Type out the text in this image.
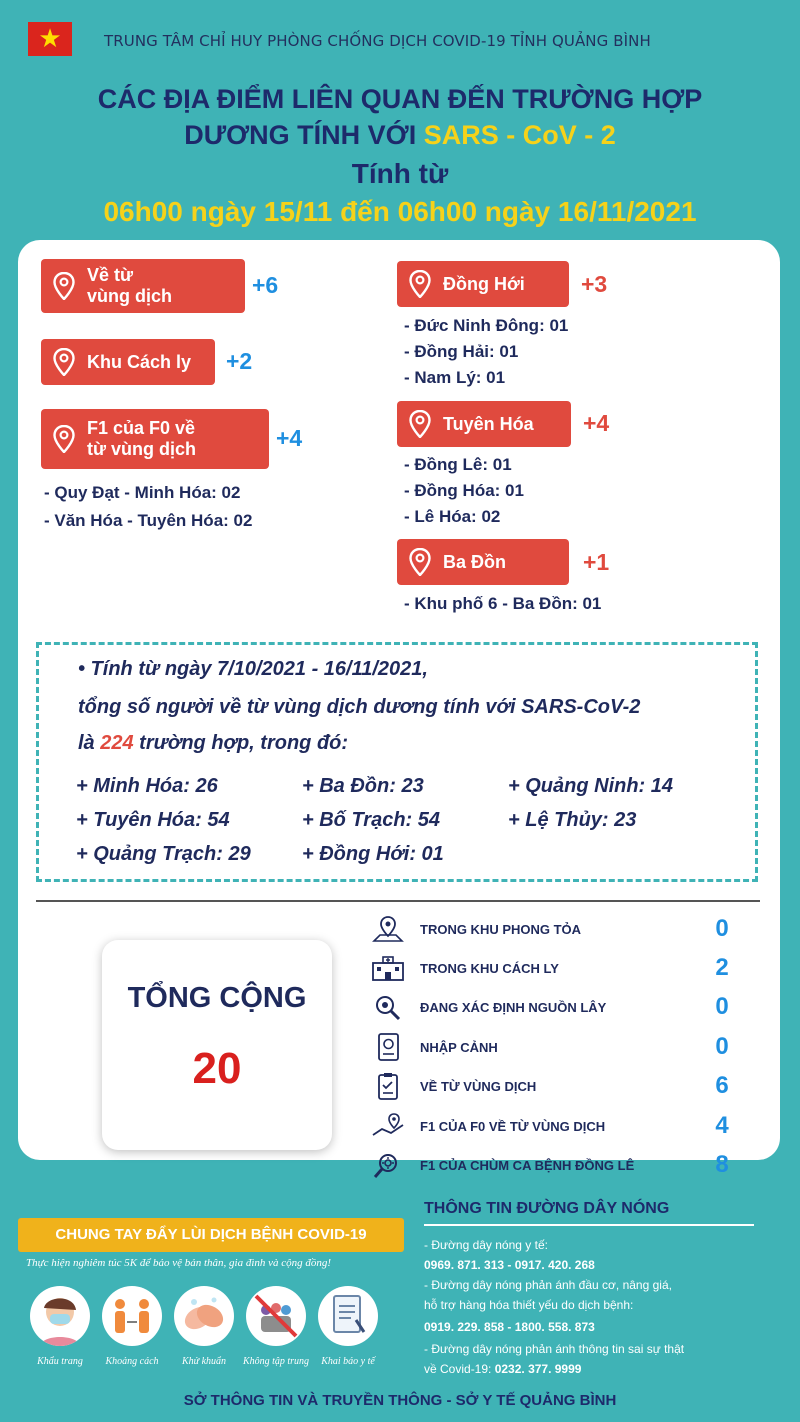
★	TRUNG TÂM CHỈ HUY PHÒNG CHỐNG DỊCH COVID-19 TỈNH QUẢNG BÌNH
CÁC ĐỊA ĐIỂM LIÊN QUAN ĐẾN TRƯỜNG HỢP
DƯƠNG TÍNH VỚI SARS - CoV - 2
Tính từ
06h00 ngày 15/11 đến 06h00 ngày 16/11/2021
Về từ
vùng dịch	+6
Khu Cách ly +2
F1 của F0 về
từ vùng dịch	+4
- Quy Đạt - Minh Hóa: 02
- Văn Hóa - Tuyên Hóa: 02
Đồng Hới +3
- Đức Ninh Đông: 01
- Đồng Hải: 01
- Nam Lý: 01
Tuyên Hóa +4
- Đồng Lê: 01
- Đồng Hóa: 01
- Lê Hóa: 02
Ba Đồn	+1
- Khu phố 6 - Ba Đồn: 01
• Tính từ ngày 7/10/2021 - 16/11/2021,
tổng số người về từ vùng dịch dương tính với SARS-CoV-2
là 224 trường hợp, trong đó:
+ Minh Hóa: 26	+ Ba Đồn: 23	+ Quảng Ninh: 14
+ Tuyên Hóa: 54	+ Bố Trạch: 54	+ Lệ Thủy: 23
+ Quảng Trạch: 29	+ Đồng Hới: 01
TỔNG CỘNG
20
TRONG KHU PHONG TỎA	0
TRONG KHU CÁCH LY	2
ĐANG XÁC ĐỊNH NGUỒN LÂY	0
NHẬP CẢNH	0
VỀ TỪ VÙNG DỊCH	6
F1 CỦA F0 VỀ TỪ VÙNG DỊCH	4
F1 CỦA CHÙM CA BỆNH ĐỒNG LÊ	8
CHUNG TAY ĐẨY LÙI DỊCH BỆNH COVID-19
Thực hiện nghiêm túc 5K để bảo vệ bản thân, gia đình và cộng đồng!
Khẩu trang	Khoảng cách	Khử khuẩn	Không tập trung	Khai báo y tế
THÔNG TIN ĐƯỜNG DÂY NÓNG
- Đường dây nóng y tế:
0969. 871. 313 - 0917. 420. 268
- Đường dây nóng phản ánh đầu cơ, nâng giá,
hỗ trợ hàng hóa thiết yếu do dịch bệnh:
0919. 229. 858 - 1800. 558. 873
- Đường dây nóng phản ánh thông tin sai sự thật
về Covid-19: 0232. 377. 9999
SỞ THÔNG TIN VÀ TRUYỀN THÔNG - SỞ Y TẾ QUẢNG BÌNH
